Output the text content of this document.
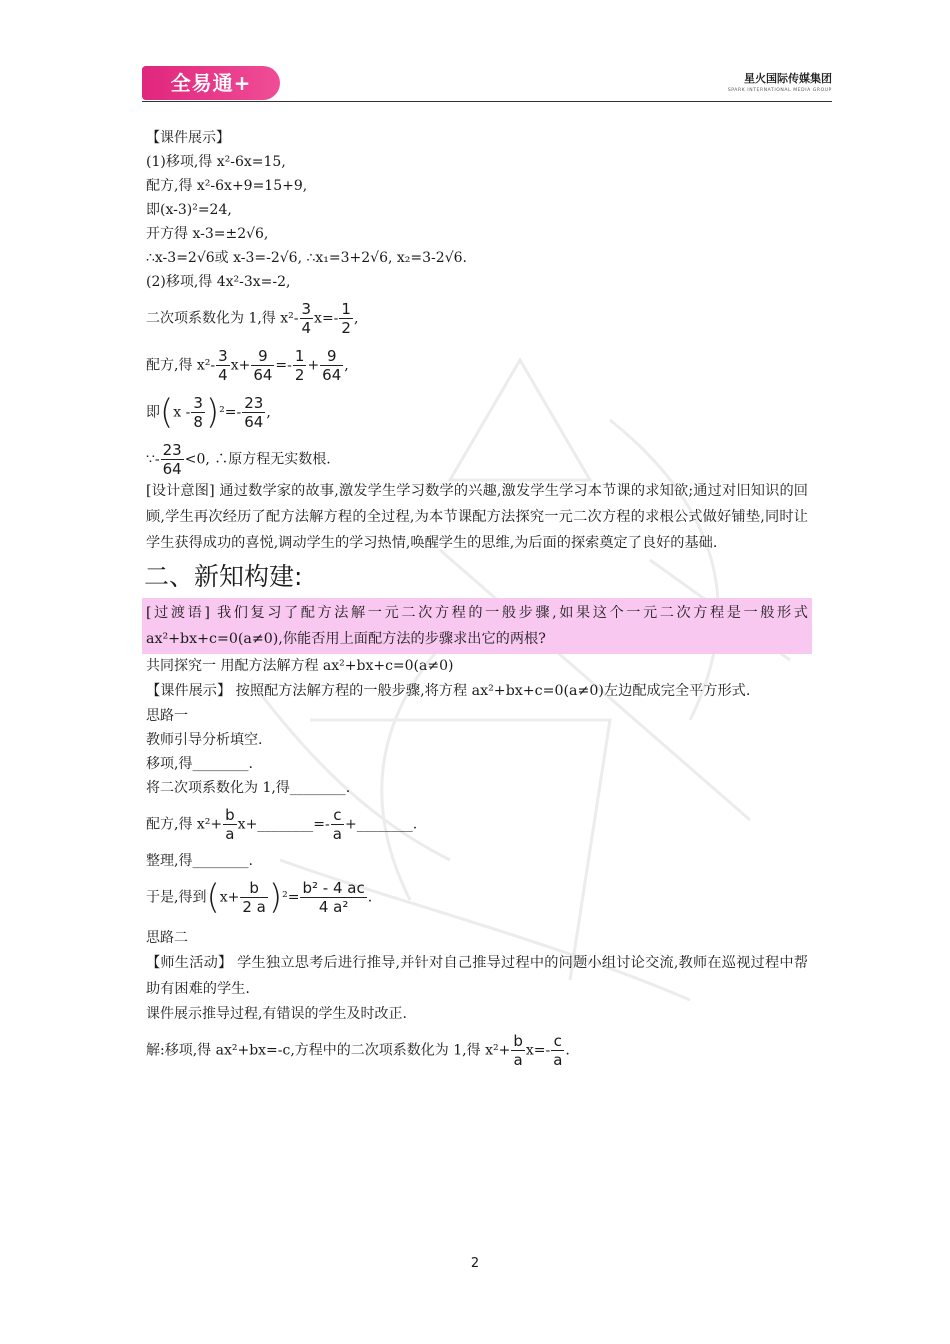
全易通+	星火国际传媒集团
SPARK INTERNATIONAL MEDIA GROUP
【课件展示】
(1)移项,得 x²-6x=15,
配方,得 x²-6x+9=15+9,
即(x-3)²=24,
开方得 x-3=±2√6,
∴x-3=2√6或 x-3=-2√6, ∴x₁=3+2√6, x₂=3-2√6.
(2)移项,得 4x²-3x=-2,
二次项系数化为 1,得 $x^2- \frac{3}{4} x=- \frac{1}{2}$ ,
配方,得 $x^2- \frac{3}{4} x+ \frac{9}{64} =- \frac{1}{2} + \frac{9}{64}$ ,
即$(x - \frac{3}{8} )^2=- \frac{23}{64}$ ,
∵- $\frac{23}{64} <0$, ∴原方程无实数根.
[设计意图] 通过数学家的故事,激发学生学习数学的兴趣,激发学生学习本节课的求知欲;通过对旧知识的回顾,学生再次经历了配方法解方程的全过程,为本节课配方法探究一元二次方程的求根公式做好铺垫,同时让学生获得成功的喜悦,调动学生的学习热情,唤醒学生的思维,为后面的探索奠定了良好的基础.
二、新知构建:
[过渡语] 我们复习了配方法解一元二次方程的一般步骤,如果这个一元二次方程是一般形式 ax²+bx+c=0(a≠0),你能否用上面配方法的步骤求出它的两根?
共同探究一 用配方法解方程 ax²+bx+c=0(a≠0)
【课件展示】 按照配方法解方程的一般步骤,将方程 ax²+bx+c=0(a≠0)左边配成完全平方形式.
思路一
教师引导分析填空.
移项,得________.
将二次项系数化为 1,得________.
配方,得 $x^2+ \frac{b}{a}$ x+________=- $\frac{c}{a}$ +________.
整理,得________.
于是,得到$(x+ \frac{b}{2 a} )^2= \frac{\text{b² - 4 ac}}{\text{4 a²}}$ .
思路二
【师生活动】 学生独立思考后进行推导,并针对自己推导过程中的问题小组讨论交流,教师在巡视过程中帮助有困难的学生.
课件展示推导过程,有错误的学生及时改正.
解:移项,得 ax²+bx=-c,方程中的二次项系数化为 1,得 $x^2+ \frac{b}{a} x=- \frac{c}{a}$ .
2
